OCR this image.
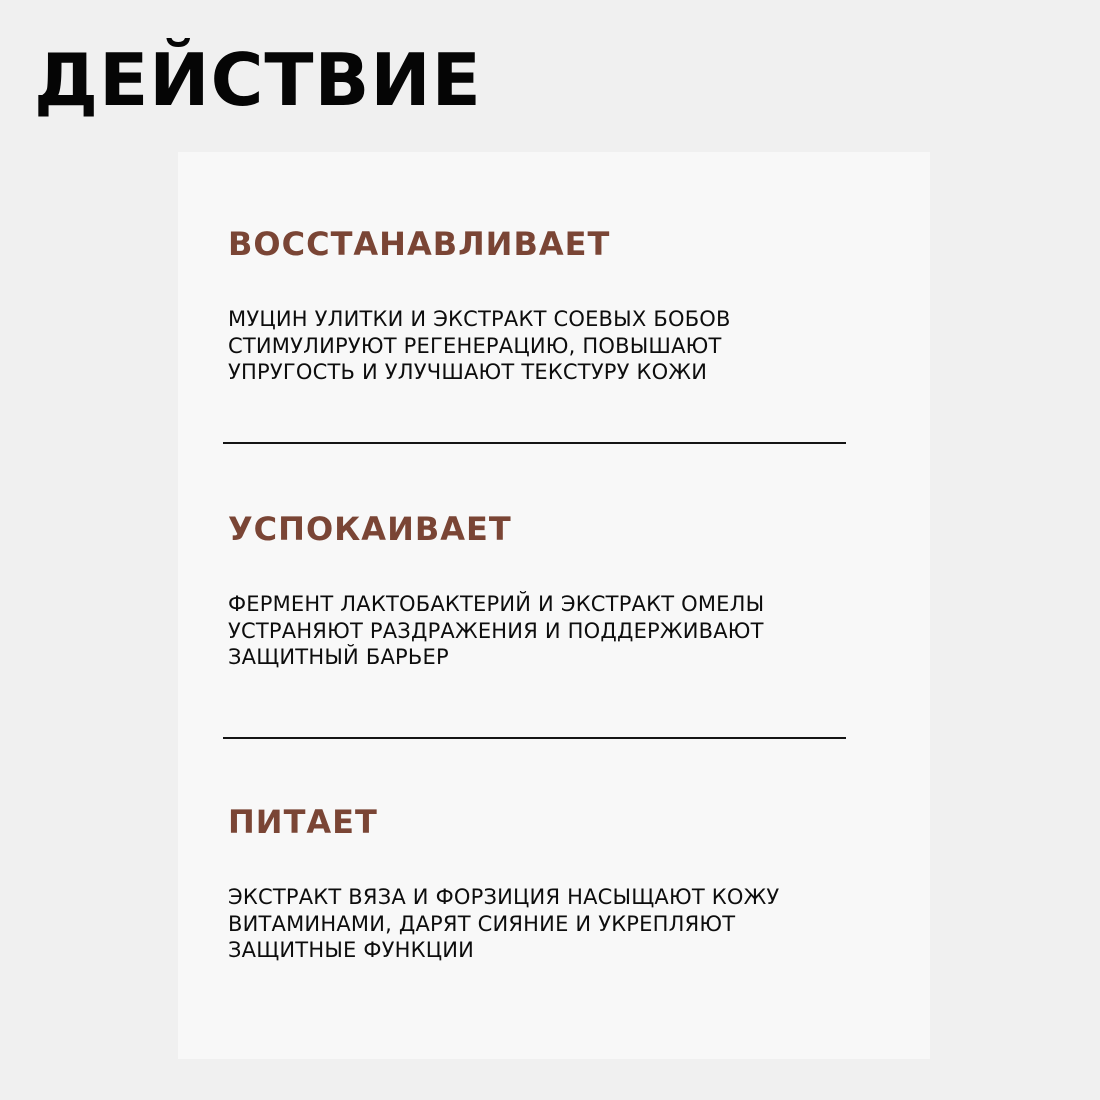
ДЕЙСТВИЕ
ВОССТАНАВЛИВАЕТ
МУЦИН УЛИТКИ И ЭКСТРАКТ СОЕВЫХ БОБОВ
СТИМУЛИРУЮТ РЕГЕНЕРАЦИЮ, ПОВЫШАЮТ
УПРУГОСТЬ И УЛУЧШАЮТ ТЕКСТУРУ КОЖИ
УСПОКАИВАЕТ
ФЕРМЕНТ ЛАКТОБАКТЕРИЙ И ЭКСТРАКТ ОМЕЛЫ
УСТРАНЯЮТ РАЗДРАЖЕНИЯ И ПОДДЕРЖИВАЮТ
ЗАЩИТНЫЙ БАРЬЕР
ПИТАЕТ
ЭКСТРАКТ ВЯЗА И ФОРЗИЦИЯ НАСЫЩАЮТ КОЖУ
ВИТАМИНАМИ, ДАРЯТ СИЯНИЕ И УКРЕПЛЯЮТ
ЗАЩИТНЫЕ ФУНКЦИИ
